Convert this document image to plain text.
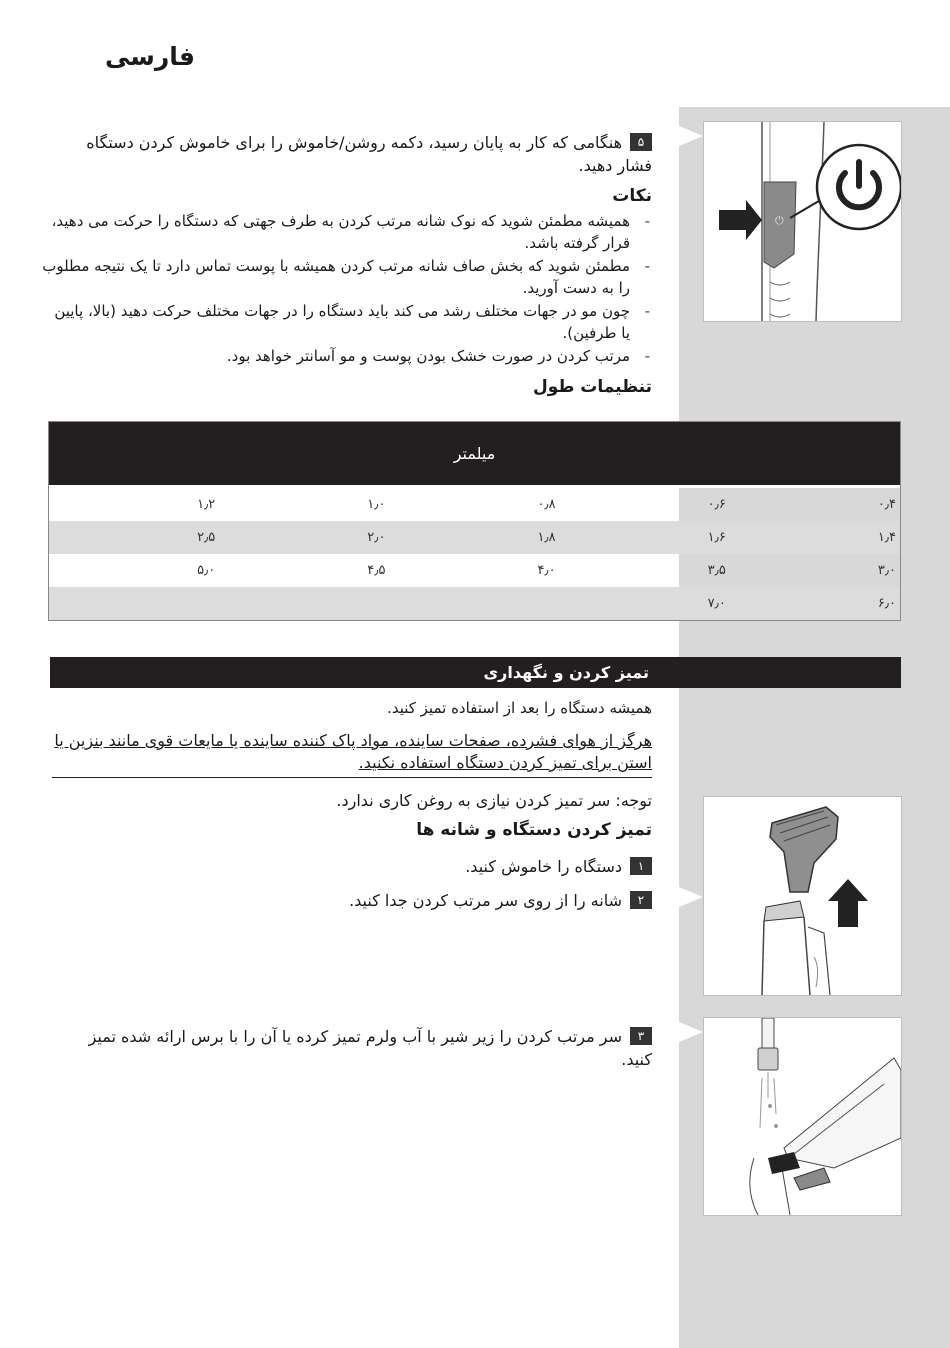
⏻
فارسی
۵هنگامی که کار به پایان رسید، دکمه روشن/خاموش را برای خاموش کردن دستگاه فشار دهید.
نکات
- همیشه مطمئن شوید که نوک شانه مرتب کردن به طرف جهتی که دستگاه را حرکت می دهید، قرار گرفته باشد.
- مطمئن شوید که بخش صاف شانه مرتب کردن همیشه با پوست تماس دارد تا یک نتیجه مطلوب را به دست آورید.
- چون مو در جهات مختلف رشد می کند باید دستگاه را در جهات مختلف حرکت دهید (بالا، پایین یا طرفین).
- مرتب کردن در صورت خشک بودن پوست و مو آسانتر خواهد بود.
تنظیمات طول
میلمتر
۰٫۴
۰٫۶
۰٫۸
۱٫۰
۱٫۲
۱٫۴
۱٫۶
۱٫۸
۲٫۰
۲٫۵
۳٫۰
۳٫۵
۴٫۰
۴٫۵
۵٫۰
۶٫۰
۷٫۰
تمیز کردن و نگهداری
همیشه دستگاه را بعد از استفاده تمیز کنید.
هرگز از هوای فشرده، صفحات ساینده، مواد پاک کننده ساینده یا مایعات قوی مانند بنزین یا استن برای تمیز کردن دستگاه استفاده نکنید.
توجه: سر تمیز کردن نیازی به روغن کاری ندارد.
تمیز کردن دستگاه و شانه ها
۱دستگاه را خاموش کنید.
۲شانه را از روی سر مرتب کردن جدا کنید.
۳سر مرتب کردن را زیر شیر با آب ولرم تمیز کرده یا آن را با برس ارائه شده تمیز کنید.
